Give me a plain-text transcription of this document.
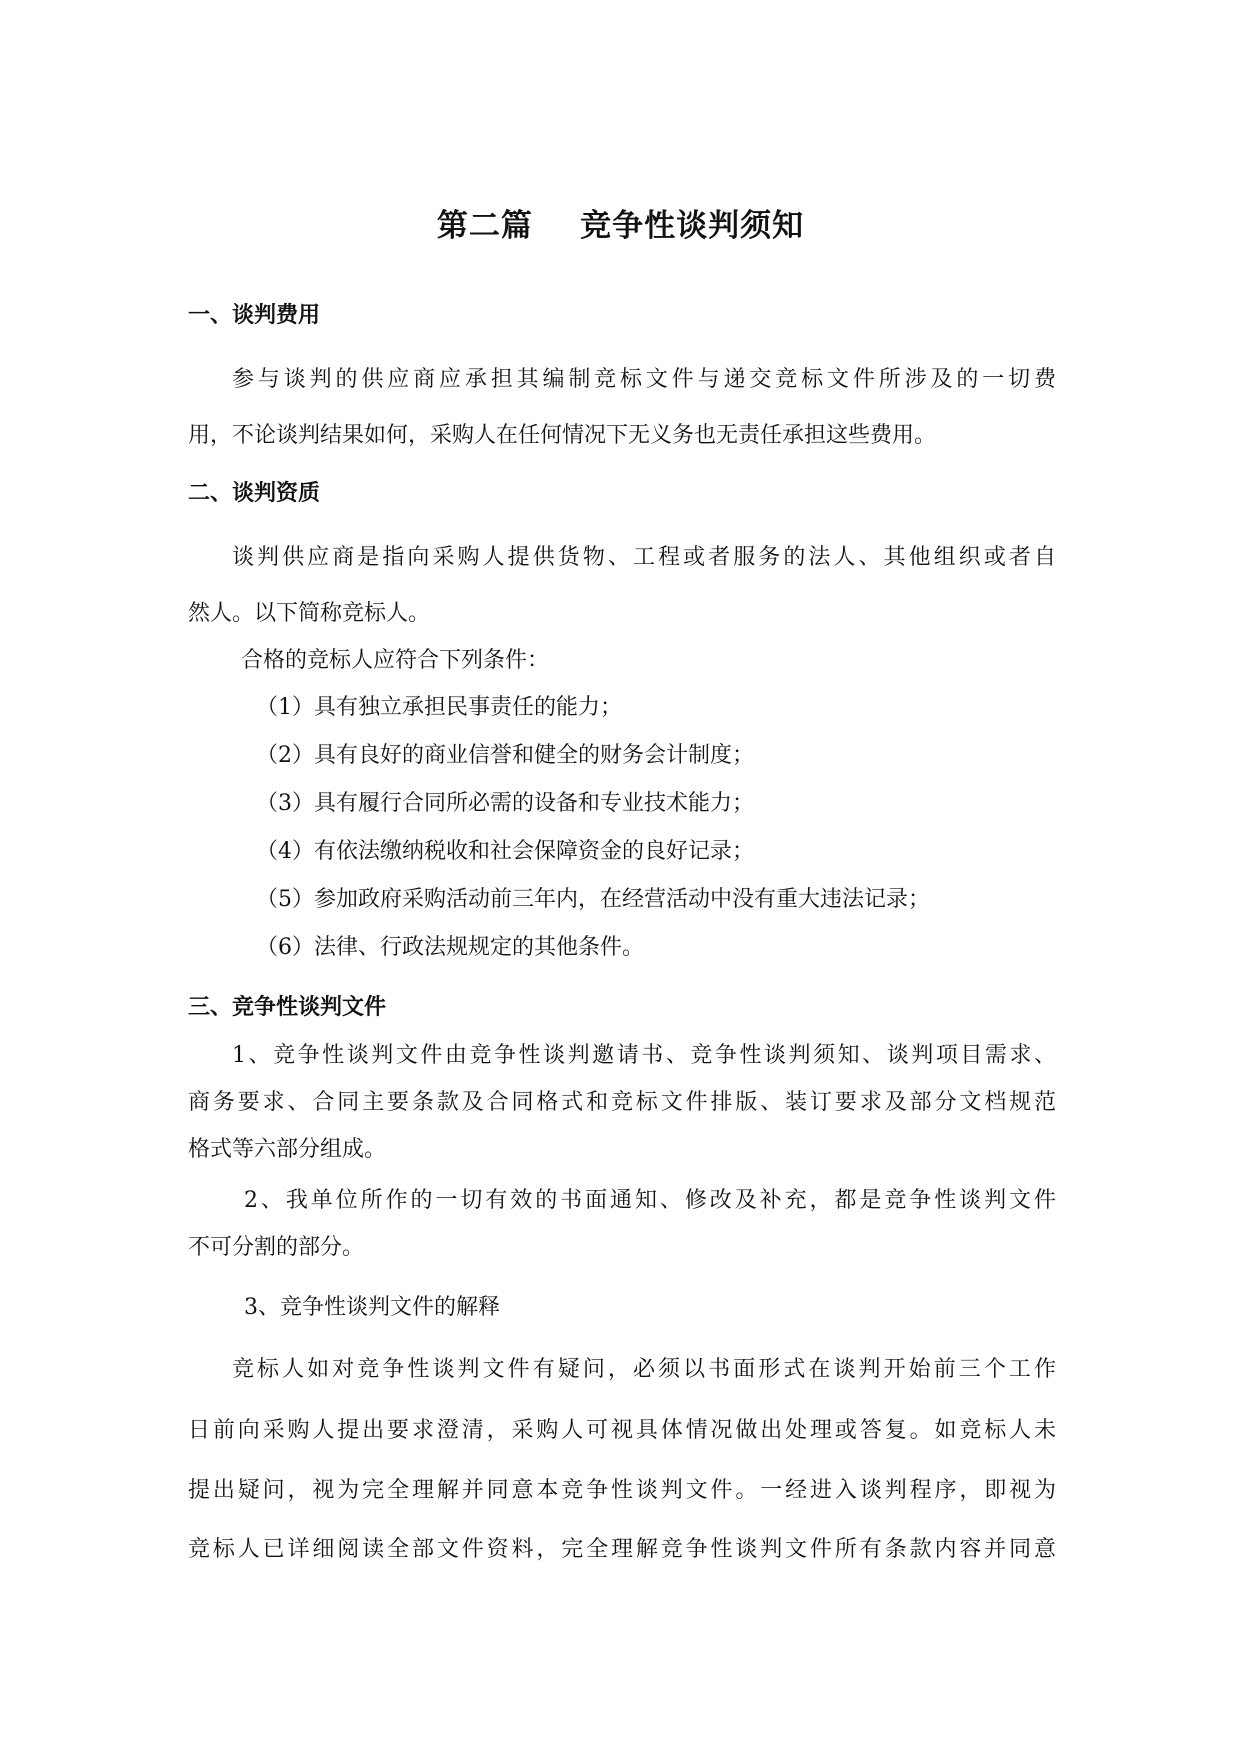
第二篇    竞争性谈判须知
一、谈判费用

参与谈判的供应商应承担其编制竞标文件与递交竞标文件所涉及的一切费

用，不论谈判结果如何，采购人在任何情况下无义务也无责任承担这些费用。

二、谈判资质

谈判供应商是指向采购人提供货物、工程或者服务的法人、其他组织或者自

然人。以下简称竞标人。

合格的竞标人应符合下列条件：

（1）具有独立承担民事责任的能力；

（2）具有良好的商业信誉和健全的财务会计制度；

（3）具有履行合同所必需的设备和专业技术能力；

（4）有依法缴纳税收和社会保障资金的良好记录；

（5）参加政府采购活动前三年内，在经营活动中没有重大违法记录；

（6）法律、行政法规规定的其他条件。

三、竞争性谈判文件

1、竞争性谈判文件由竞争性谈判邀请书、竞争性谈判须知、谈判项目需求、

商务要求、合同主要条款及合同格式和竞标文件排版、装订要求及部分文档规范

格式等六部分组成。

2、我单位所作的一切有效的书面通知、修改及补充，都是竞争性谈判文件

不可分割的部分。

3、竞争性谈判文件的解释

竞标人如对竞争性谈判文件有疑问，必须以书面形式在谈判开始前三个工作

日前向采购人提出要求澄清，采购人可视具体情况做出处理或答复。如竞标人未

提出疑问，视为完全理解并同意本竞争性谈判文件。一经进入谈判程序，即视为

竞标人已详细阅读全部文件资料，完全理解竞争性谈判文件所有条款内容并同意
